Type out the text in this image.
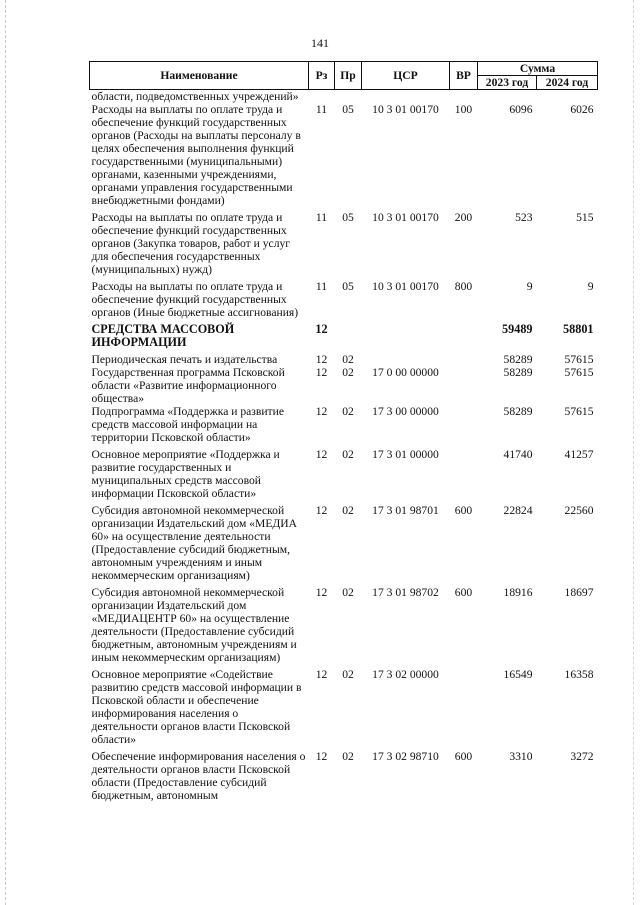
141
Наименование	Рз	Пр	ЦСР	ВР	Сумма	
					2023 год	2024 год
области, подведомственных учреждений»						
Расходы на выплаты по оплате труда и обеспечение функций государственных органов (Расходы на выплаты персоналу в целях обеспечения выполнения функций государственными (муниципальными) органами, казенными учреждениями, органами управления государственными внебюджетными фондами)	11	05	10 3 01 00170	100	6096	6026
Расходы на выплаты по оплате труда и обеспечение функций государственных органов (Закупка товаров, работ и услуг для обеспечения государственных (муниципальных) нужд)	11	05	10 3 01 00170	200	523	515
Расходы на выплаты по оплате труда и обеспечение функций государственных органов (Иные бюджетные ассигнования)	11	05	10 3 01 00170	800	9	9
СРЕДСТВА МАССОВОЙ ИНФОРМАЦИИ	12				59489	58801
Периодическая печать и издательства	12	02			58289	57615
Государственная программа Псковской области «Развитие информационного общества»	12	02	17 0 00 00000		58289	57615
Подпрограмма «Поддержка и развитие средств массовой информации на территории Псковской области»	12	02	17 3 00 00000		58289	57615
Основное мероприятие «Поддержка и развитие государственных и муниципальных средств массовой информации Псковской области»	12	02	17 3 01 00000		41740	41257
Субсидия автономной некоммерческой организации Издательский дом «МЕДИА 60» на осуществление деятельности (Предоставление субсидий бюджетным, автономным учреждениям и иным некоммерческим организациям)	12	02	17 3 01 98701	600	22824	22560
Субсидия автономной некоммерческой организации Издательский дом «МЕДИАЦЕНТР 60» на осуществление деятельности (Предоставление субсидий бюджетным, автономным учреждениям и иным некоммерческим организациям)	12	02	17 3 01 98702	600	18916	18697
Основное мероприятие «Содействие развитию средств массовой информации в Псковской области и обеспечение информирования населения о деятельности органов власти Псковской области»	12	02	17 3 02 00000		16549	16358
Обеспечение информирования населения о деятельности органов власти Псковской области (Предоставление субсидий бюджетным, автономным	12	02	17 3 02 98710	600	3310	3272
